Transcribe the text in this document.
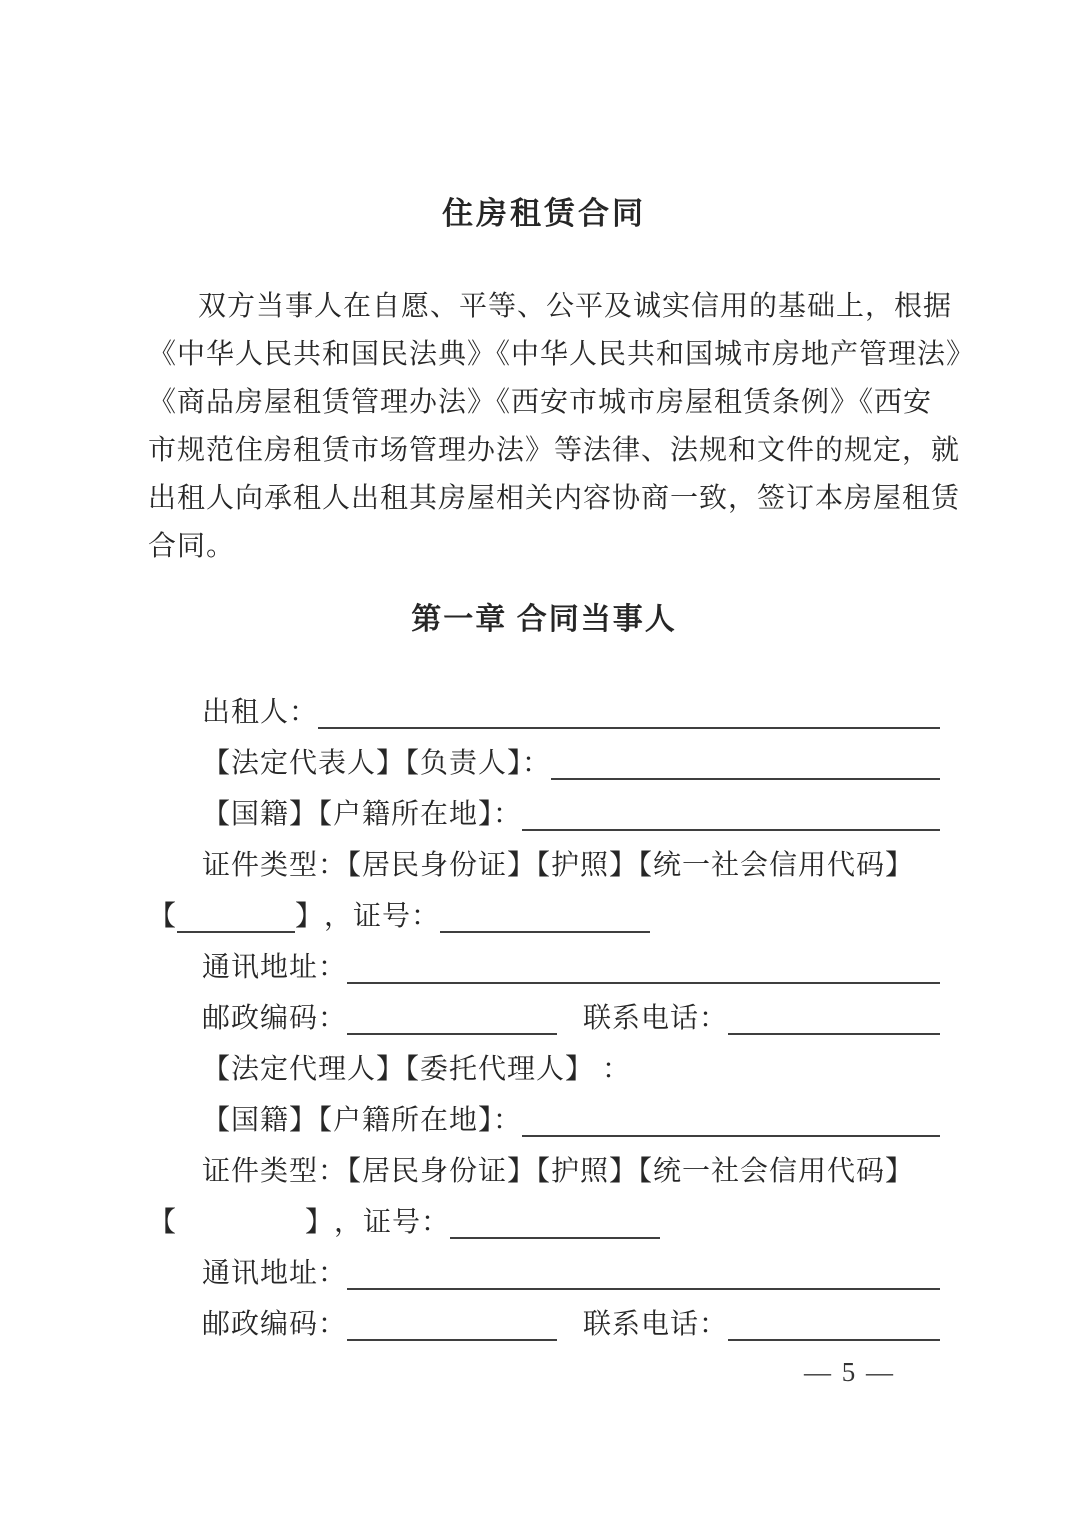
住房租赁合同
双方当事人在自愿、平等、公平及诚实信用的基础上，根据
《中华人民共和国民法典》《中华人民共和国城市房地产管理法》
《商品房屋租赁管理办法》《西安市城市房屋租赁条例》《西安
市规范住房租赁市场管理办法》等法律、法规和文件的规定，就
出租人向承租人出租其房屋相关内容协商一致，签订本房屋租赁
合同。
第一章 合同当事人
出租人：
【法定代表人】【负责人】：
【国籍】【户籍所在地】：
证件类型：【居民身份证】【护照】【统一社会信用代码】
【	】 ，证号：
通讯地址：
邮政编码：	联系电话：
【法定代理人】【委托代理人】 ：
【国籍】【户籍所在地】：
证件类型：【居民身份证】【护照】【统一社会信用代码】
【	】 ，证号：
通讯地址：
邮政编码：	联系电话：
— 5 —
